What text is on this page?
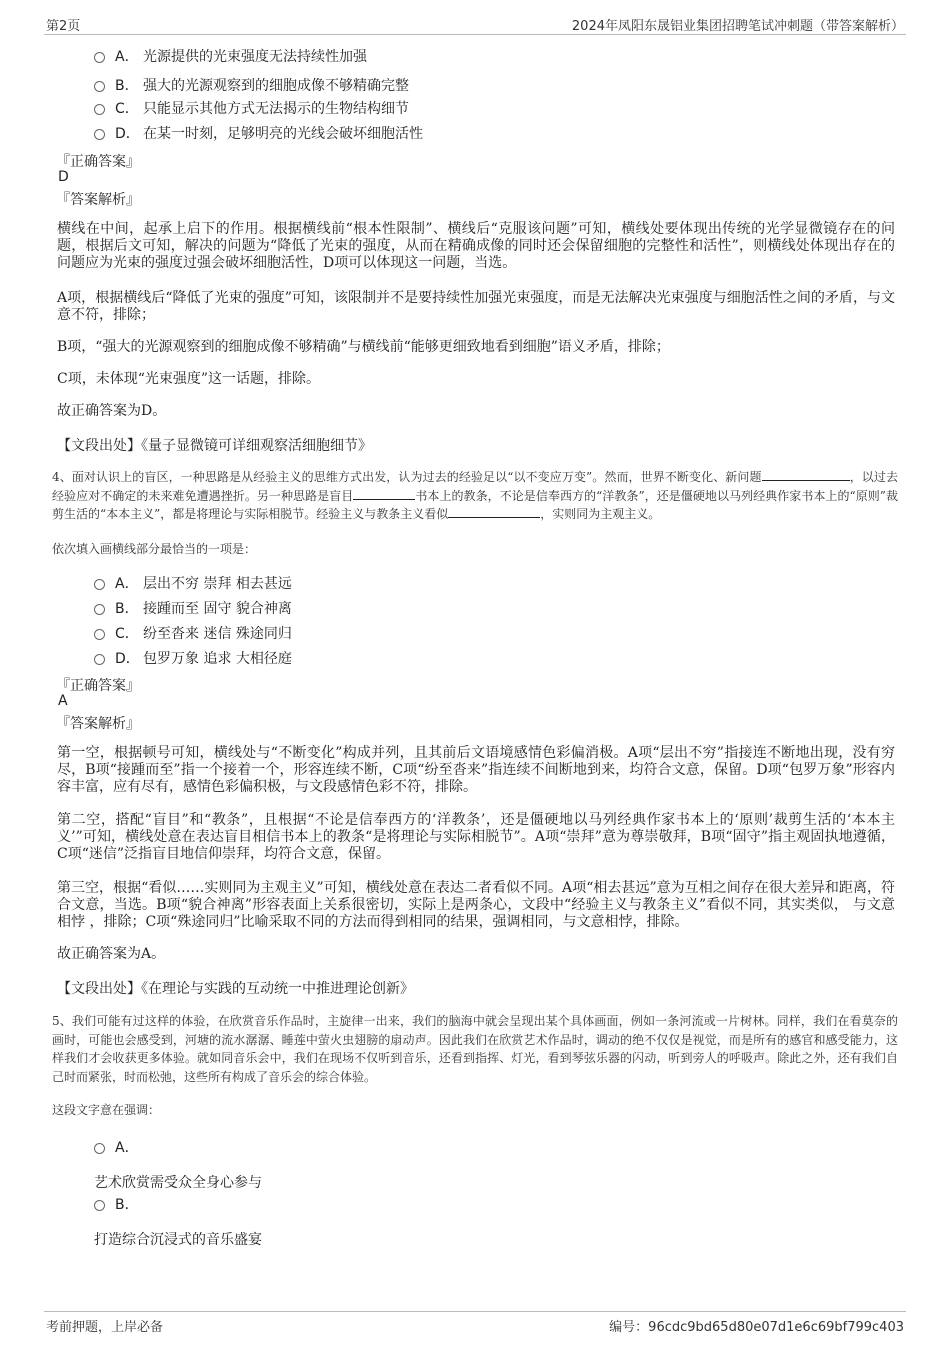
第2页	2024年凤阳东晟铝业集团招聘笔试冲刺题（带答案解析）
A． 光源提供的光束强度无法持续性加强
B． 强大的光源观察到的细胞成像不够精确完整
C． 只能显示其他方式无法揭示的生物结构细节
D． 在某一时刻，足够明亮的光线会破坏细胞活性
『正确答案』
D
『答案解析』
横线在中间，起承上启下的作用。根据横线前“根本性限制”、横线后“克服该问题”可知，横线处要体现出传统的光学显微镜存在的问题，根据后文可知，解决的问题为“降低了光束的强度，从而在精确成像的同时还会保留细胞的完整性和活性”，则横线处体现出存在的问题应为光束的强度过强会破坏细胞活性，D项可以体现这一问题，当选。
A项，根据横线后“降低了光束的强度”可知，该限制并不是要持续性加强光束强度，而是无法解决光束强度与细胞活性之间的矛盾，与文意不符，排除；
B项，“强大的光源观察到的细胞成像不够精确”与横线前“能够更细致地看到细胞”语义矛盾，排除；
C项，未体现“光束强度”这一话题，排除。
故正确答案为D。
【文段出处】《量子显微镜可详细观察活细胞细节》
4、面对认识上的盲区，一种思路是从经验主义的思维方式出发，认为过去的经验足以“以不变应万变”。然而，世界不断变化、新问题	，以过去经验应对不确定的未来难免遭遇挫折。另一种思路是盲目	书本上的教条，不论是信奉西方的“洋教条”，还是僵硬地以马列经典作家书本上的“原则”裁剪生活的“本本主义”，都是将理论与实际相脱节。经验主义与教条主义看似	，实则同为主观主义。
依次填入画横线部分最恰当的一项是：
A． 层出不穷 崇拜 相去甚远
B． 接踵而至 固守 貌合神离
C． 纷至沓来 迷信 殊途同归
D． 包罗万象 追求 大相径庭
『正确答案』
A
『答案解析』
第一空，根据顿号可知，横线处与“不断变化”构成并列，且其前后文语境感情色彩偏消极。A项“层出不穷”指接连不断地出现，没有穷尽，B项“接踵而至”指一个接着一个，形容连续不断，C项“纷至沓来”指连续不间断地到来，均符合文意，保留。D项“包罗万象”形容内容丰富，应有尽有，感情色彩偏积极，与文段感情色彩不符，排除。
第二空，搭配“盲目”和“教条”，且根据“不论是信奉西方的‘洋教条’，还是僵硬地以马列经典作家书本上的‘原则’裁剪生活的‘本本主义’”可知，横线处意在表达盲目相信书本上的教条“是将理论与实际相脱节”。A项“崇拜”意为尊崇敬拜，B项“固守”指主观固执地遵循，C项“迷信”泛指盲目地信仰崇拜，均符合文意，保留。
第三空，根据“看似……实则同为主观主义”可知，横线处意在表达二者看似不同。A项“相去甚远”意为互相之间存在很大差异和距离，符合文意，当选。B项“貌合神离”形容表面上关系很密切，实际上是两条心，文段中“经验主义与教条主义”看似不同，其实类似， 与文意相悖 ，排除；C项“殊途同归”比喻采取不同的方法而得到相同的结果，强调相同，与文意相悖，排除。
故正确答案为A。
【文段出处】《在理论与实践的互动统一中推进理论创新》
5、我们可能有过这样的体验，在欣赏音乐作品时，主旋律一出来，我们的脑海中就会呈现出某个具体画面，例如一条河流或一片树林。同样，我们在看莫奈的画时，可能也会感受到，河塘的流水潺潺、睡莲中萤火虫翅膀的扇动声。因此我们在欣赏艺术作品时，调动的绝不仅仅是视觉，而是所有的感官和感受能力，这样我们才会收获更多体验。就如同音乐会中，我们在现场不仅听到音乐，还看到指挥、灯光，看到琴弦乐器的闪动，听到旁人的呼吸声。除此之外，还有我们自己时而紧张，时而松弛，这些所有构成了音乐会的综合体验。
这段文字意在强调：
A．
艺术欣赏需受众全身心参与
B．
打造综合沉浸式的音乐盛宴
考前押题，上岸必备	编号：96cdc9bd65d80e07d1e6c69bf799c403
